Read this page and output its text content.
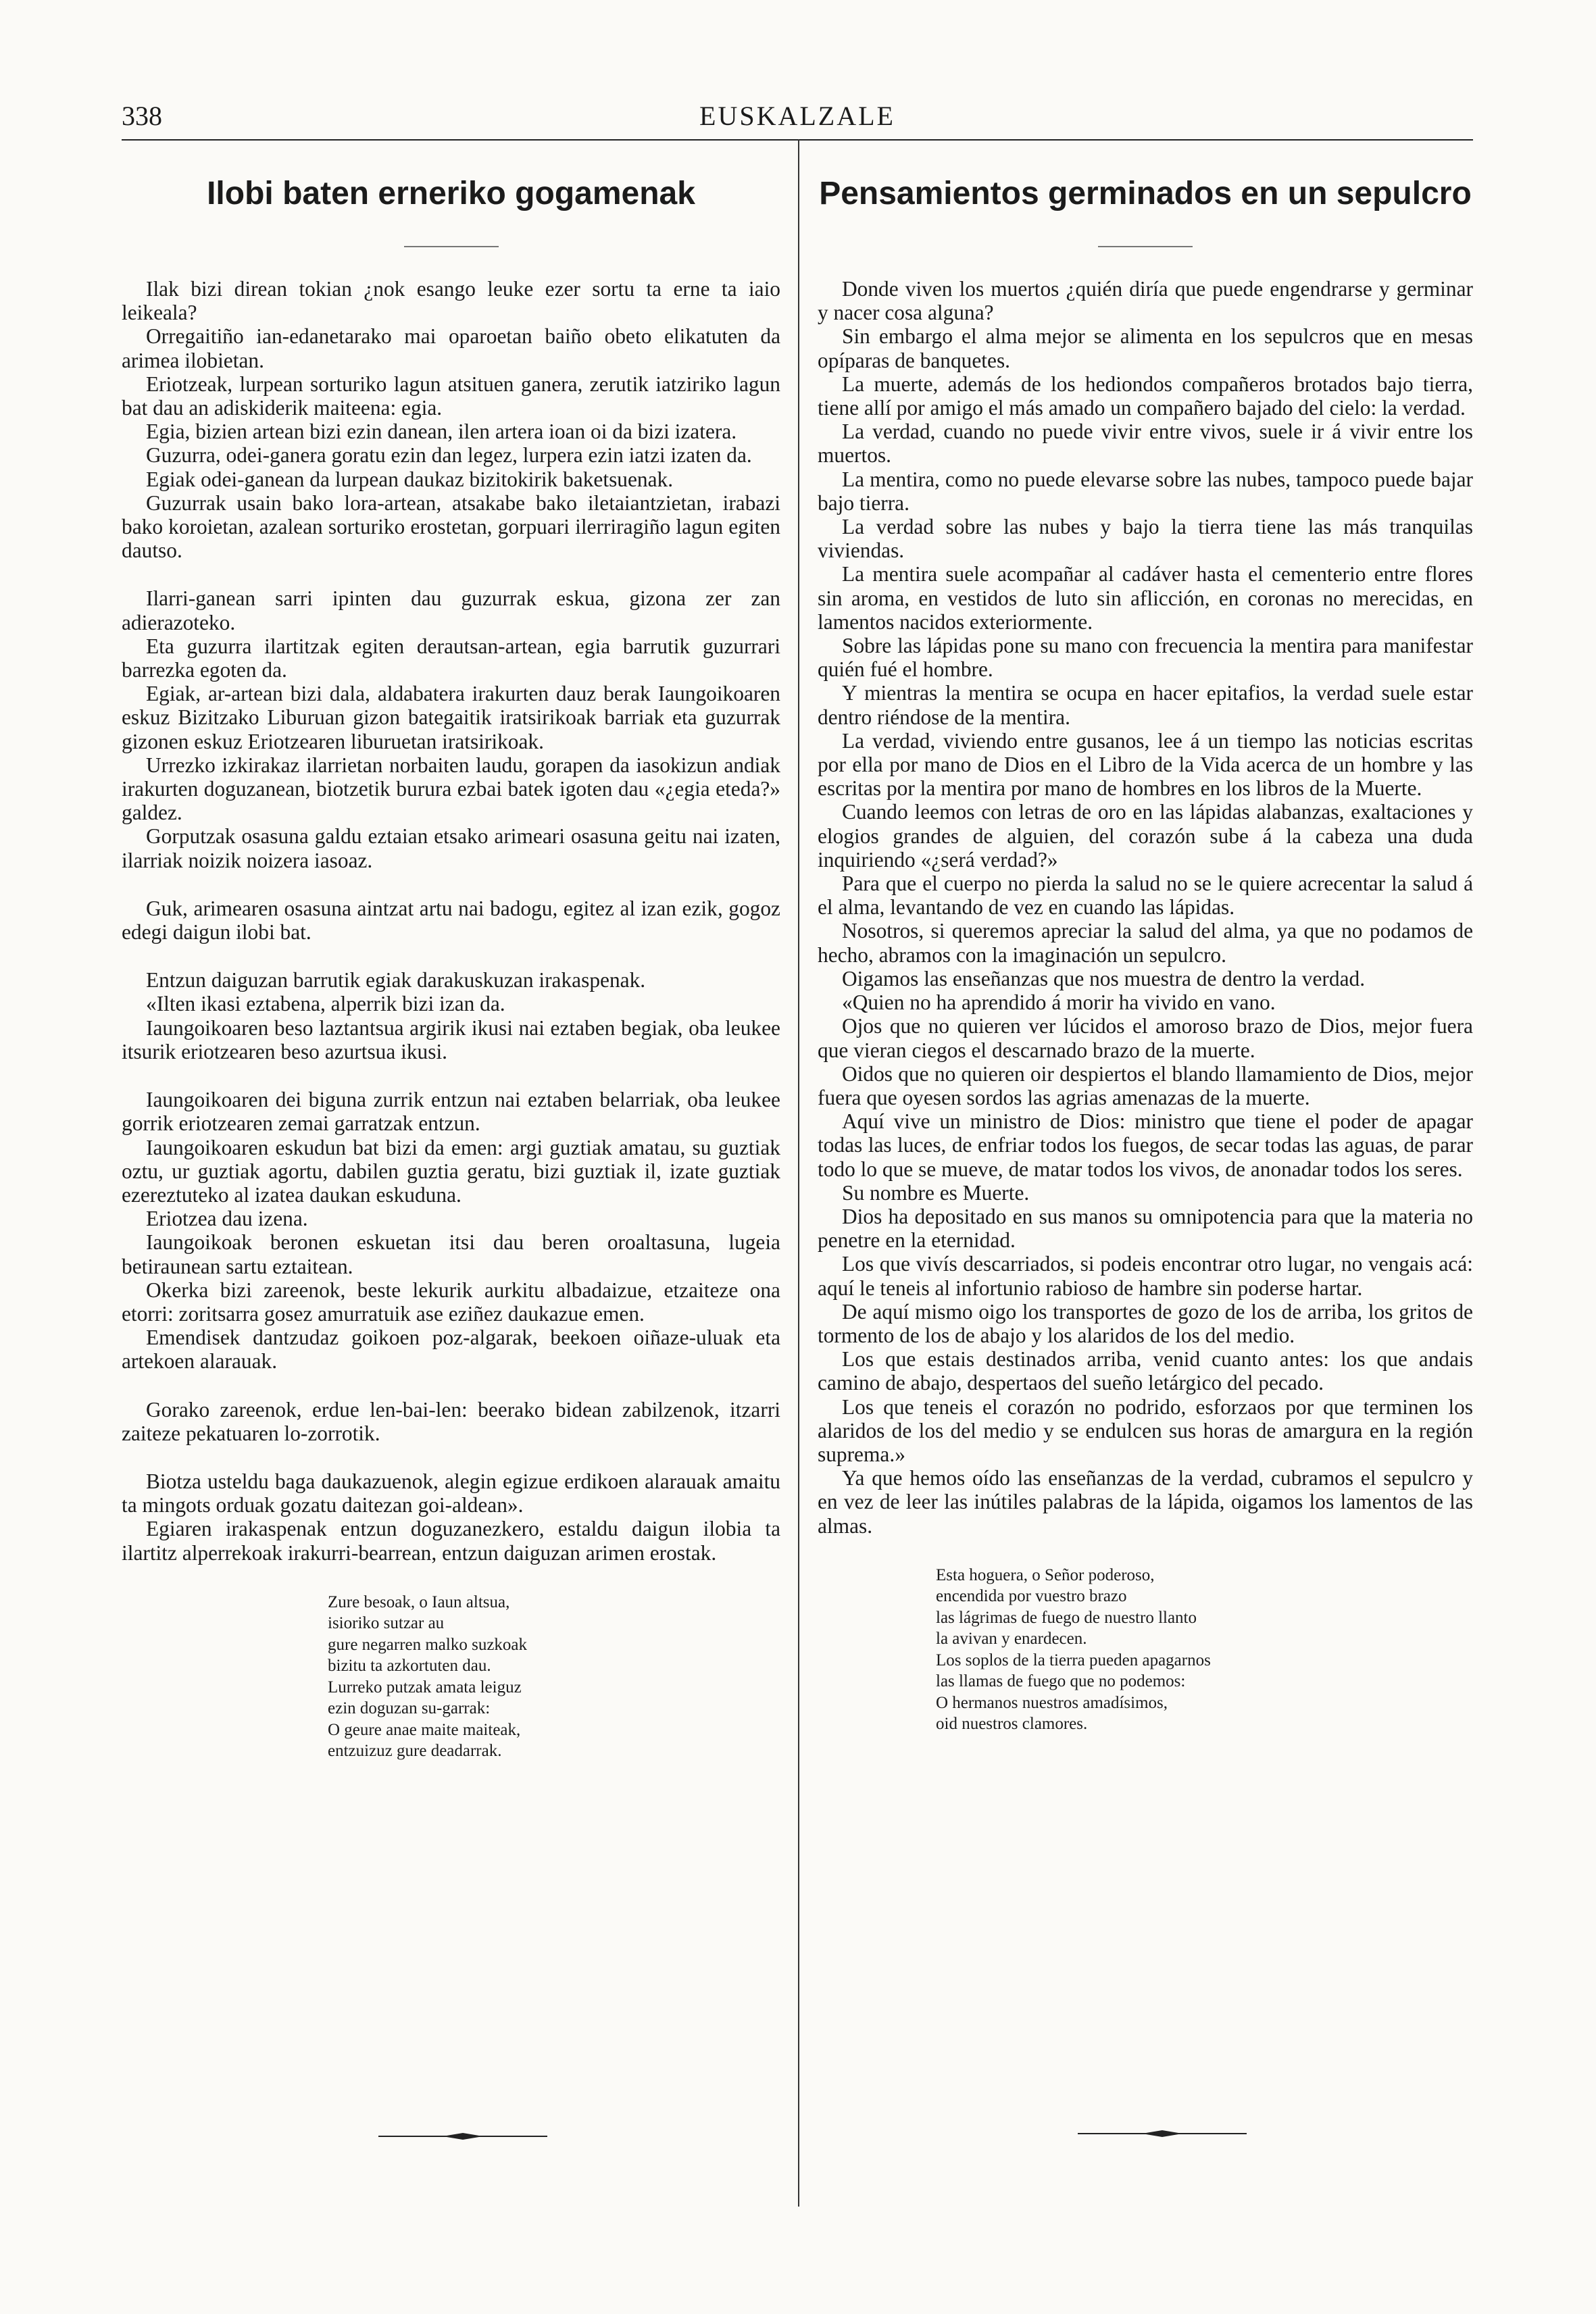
338	EUSKALZALE
Ilobi baten erneriko gogamenak

Ilak bizi direan tokian ¿nok esango leuke ezer sortu ta erne ta iaio leikeala?

Orregaitiño ian-edanetarako mai oparoetan baiño obeto elikatuten da arimea ilobietan.

Eriotzeak, lurpean sorturiko lagun atsituen ganera, zerutik iatziriko lagun bat dau an adiskiderik maiteena: egia.

Egia, bizien artean bizi ezin danean, ilen artera ioan oi da bizi izatera.

Guzurra, odei-ganera goratu ezin dan legez, lurpera ezin iatzi izaten da.

Egiak odei-ganean da lurpean daukaz bizitokirik baketsuenak.

Guzurrak usain bako lora-artean, atsakabe bako iletaiantzietan, irabazi bako koroietan, azalean sorturiko erostetan, gorpuari ilerriragiño lagun egiten dautso.

Ilarri-ganean sarri ipinten dau guzurrak eskua, gizona zer zan adierazoteko.

Eta guzurra ilartitzak egiten derautsan-artean, egia barrutik guzurrari barrezka egoten da.

Egiak, ar-artean bizi dala, aldabatera irakurten dauz berak Iaungoikoaren eskuz Bizitzako Liburuan gizon bategaitik iratsirikoak barriak eta guzurrak gizonen eskuz Eriotzearen liburuetan iratsirikoak.

Urrezko izkirakaz ilarrietan norbaiten laudu, gorapen da iasokizun andiak irakurten doguzanean, biotzetik burura ezbai batek igoten dau «¿egia eteda?» galdez.

Gorputzak osasuna galdu eztaian etsako arimeari osasuna geitu nai izaten, ilarriak noizik noizera iasoaz.

Guk, arimearen osasuna aintzat artu nai badogu, egitez al izan ezik, gogoz edegi daigun ilobi bat.

Entzun daiguzan barrutik egiak darakuskuzan irakaspenak.

«Ilten ikasi eztabena, alperrik bizi izan da.

Iaungoikoaren beso laztantsua argirik ikusi nai eztaben begiak, oba leukee itsurik eriotzearen beso azurtsua ikusi.

Iaungoikoaren dei biguna zurrik entzun nai eztaben belarriak, oba leukee gorrik eriotzearen zemai garratzak entzun.

Iaungoikoaren eskudun bat bizi da emen: argi guztiak amatau, su guztiak oztu, ur guztiak agortu, dabilen guztia geratu, bizi guztiak il, izate guztiak ezereztuteko al izatea daukan eskuduna.

Eriotzea dau izena.

Iaungoikoak beronen eskuetan itsi dau beren oroaltasuna, lugeia betiraunean sartu eztaitean.

Okerka bizi zareenok, beste lekurik aurkitu albadaizue, etzaiteze ona etorri: zoritsarra gosez amurratuik ase eziñez daukazue emen.

Emendisek dantzudaz goikoen poz-algarak, beekoen oiñaze-uluak eta artekoen alarauak.

Gorako zareenok, erdue len-bai-len: beerako bidean zabilzenok, itzarri zaiteze pekatuaren lo-zorrotik.

Biotza usteldu baga daukazuenok, alegin egizue erdikoen alarauak amaitu ta mingots orduak gozatu daitezan goi-aldean».

Egiaren irakaspenak entzun doguzanezkero, estaldu daigun ilobia ta ilartitz alperrekoak irakurri-bearrean, entzun daiguzan arimen erostak.

Zure besoak, o Iaun altsua,
isioriko sutzar au
gure negarren malko suzkoak
bizitu ta azkortuten dau.
Lurreko putzak amata leiguz
ezin doguzan su-garrak:
O geure anae maite maiteak,
entzuizuz gure deadarrak.
Pensamientos germinados en un sepulcro

Donde viven los muertos ¿quién diría que puede engendrarse y germinar y nacer cosa alguna?

Sin embargo el alma mejor se alimenta en los sepulcros que en mesas opíparas de banquetes.

La muerte, además de los hediondos compañeros brotados bajo tierra, tiene allí por amigo el más amado un compañero bajado del cielo: la verdad.

La verdad, cuando no puede vivir entre vivos, suele ir á vivir entre los muertos.

La mentira, como no puede elevarse sobre las nubes, tampoco puede bajar bajo tierra.

La verdad sobre las nubes y bajo la tierra tiene las más tranquilas viviendas.

La mentira suele acompañar al cadáver hasta el cementerio entre flores sin aroma, en vestidos de luto sin aflicción, en coronas no merecidas, en lamentos nacidos exteriormente.

Sobre las lápidas pone su mano con frecuencia la mentira para manifestar quién fué el hombre.

Y mientras la mentira se ocupa en hacer epitafios, la verdad suele estar dentro riéndose de la mentira.

La verdad, viviendo entre gusanos, lee á un tiempo las noticias escritas por ella por mano de Dios en el Libro de la Vida acerca de un hombre y las escritas por la mentira por mano de hombres en los libros de la Muerte.

Cuando leemos con letras de oro en las lápidas alabanzas, exaltaciones y elogios grandes de alguien, del corazón sube á la cabeza una duda inquiriendo «¿será verdad?»

Para que el cuerpo no pierda la salud no se le quiere acrecentar la salud á el alma, levantando de vez en cuando las lápidas.

Nosotros, si queremos apreciar la salud del alma, ya que no podamos de hecho, abramos con la imaginación un sepulcro.

Oigamos las enseñanzas que nos muestra de dentro la verdad.

«Quien no ha aprendido á morir ha vivido en vano.

Ojos que no quieren ver lúcidos el amoroso brazo de Dios, mejor fuera que vieran ciegos el descarnado brazo de la muerte.

Oidos que no quieren oir despiertos el blando llamamiento de Dios, mejor fuera que oyesen sordos las agrias amenazas de la muerte.

Aquí vive un ministro de Dios: ministro que tiene el poder de apagar todas las luces, de enfriar todos los fuegos, de secar todas las aguas, de parar todo lo que se mueve, de matar todos los vivos, de anonadar todos los seres.

Su nombre es Muerte.

Dios ha depositado en sus manos su omnipotencia para que la materia no penetre en la eternidad.

Los que vivís descarriados, si podeis encontrar otro lugar, no vengais acá: aquí le teneis al infortunio rabioso de hambre sin poderse hartar.

De aquí mismo oigo los transportes de gozo de los de arriba, los gritos de tormento de los de abajo y los alaridos de los del medio.

Los que estais destinados arriba, venid cuanto antes: los que andais camino de abajo, despertaos del sueño letárgico del pecado.

Los que teneis el corazón no podrido, esforzaos por que terminen los alaridos de los del medio y se endulcen sus horas de amargura en la región suprema.»

Ya que hemos oído las enseñanzas de la verdad, cubramos el sepulcro y en vez de leer las inútiles palabras de la lápida, oigamos los lamentos de las almas.

Esta hoguera, o Señor poderoso,
encendida por vuestro brazo
las lágrimas de fuego de nuestro llanto
la avivan y enardecen.
Los soplos de la tierra pueden apagarnos
las llamas de fuego que no podemos:
O hermanos nuestros amadísimos,
oid nuestros clamores.
